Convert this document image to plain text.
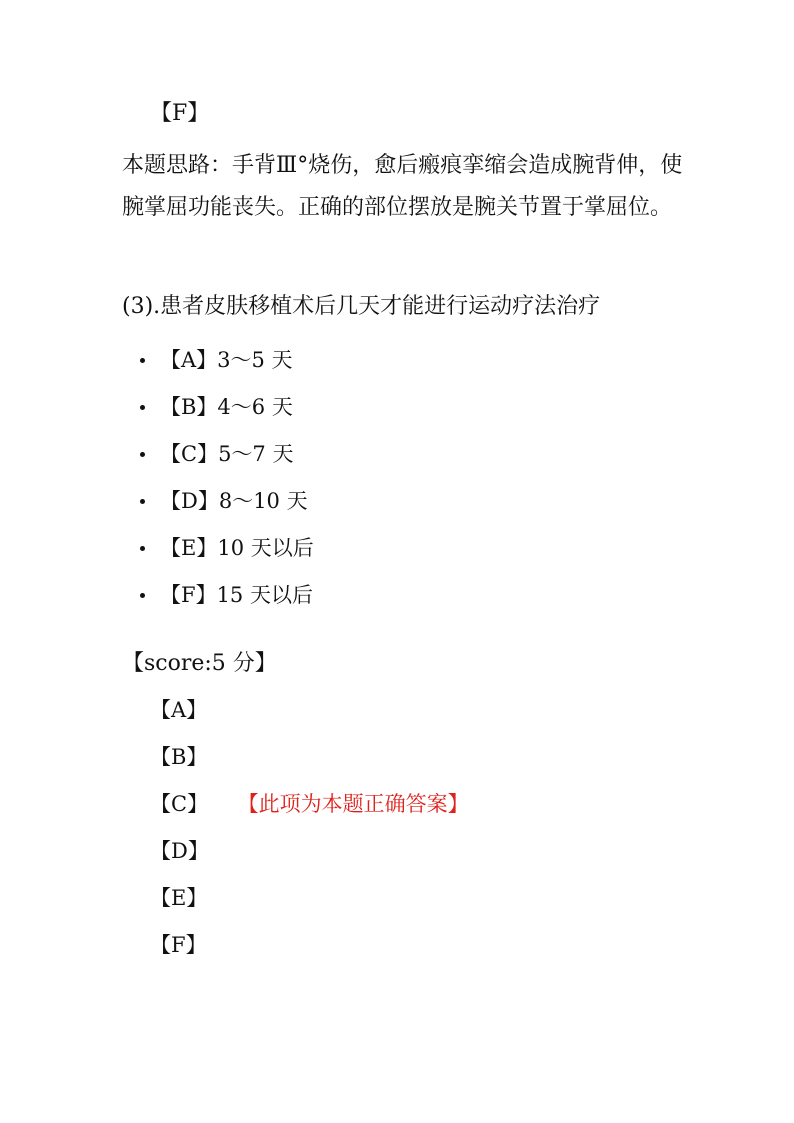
【F】
本题思路：手背Ⅲ°烧伤，愈后瘢痕挛缩会造成腕背伸，使腕掌屈功能丧失。正确的部位摆放是腕关节置于掌屈位。
(3).患者皮肤移植术后几天才能进行运动疗法治疗
【A】3～5 天
【B】4～6 天
【C】5～7 天
【D】8～10 天
【E】10 天以后
【F】15 天以后
【score:5 分】
【A】
【B】
【C】 【此项为本题正确答案】
【D】
【E】
【F】
